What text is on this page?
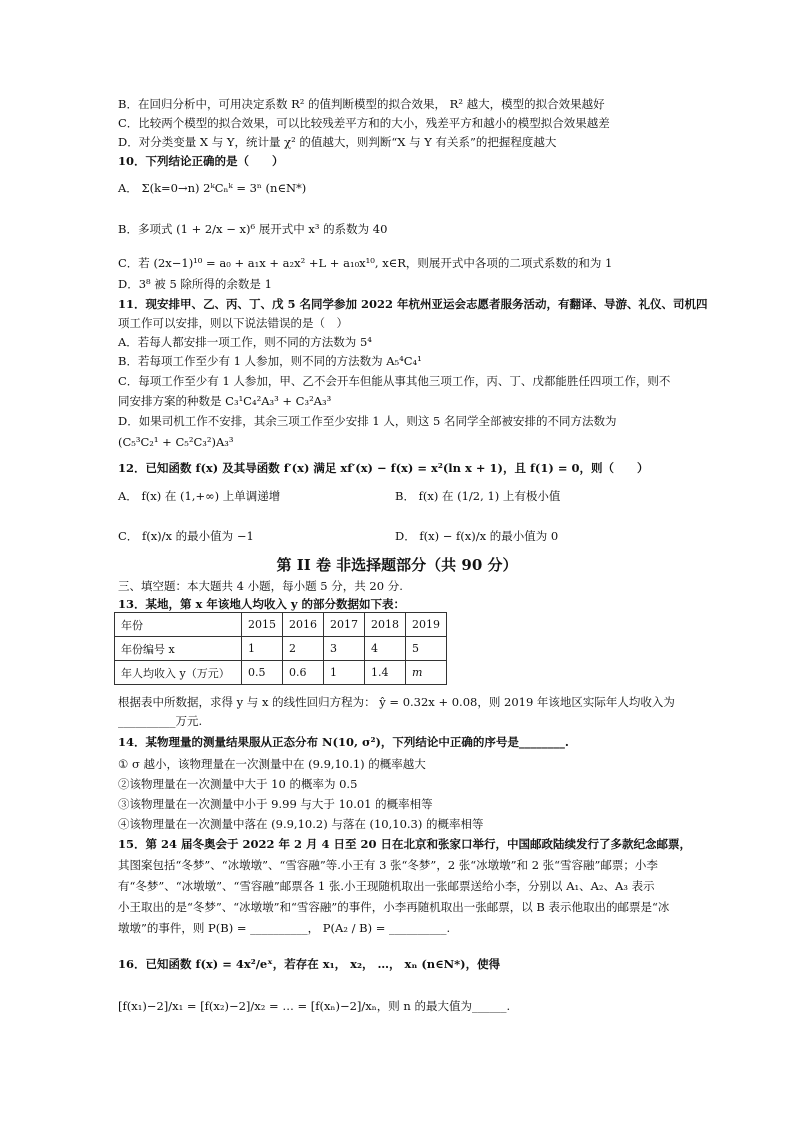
B．在回归分析中，可用决定系数 R² 的值判断模型的拟合效果， R² 越大，模型的拟合效果越好
C．比较两个模型的拟合效果，可以比较残差平方和的大小，残差平方和越小的模型拟合效果越差
D．对分类变量 X 与 Y，统计量 χ² 的值越大，则判断“X 与 Y 有关系”的把握程度越大
10．下列结论正确的是（　　）
A． Σ(k=0→n) 2ᵏCₙᵏ = 3ⁿ (n∈N*)
B．多项式 (1 + 2/x − x)⁶ 展开式中 x³ 的系数为 40
C．若 (2x−1)¹⁰ = a₀ + a₁x + a₂x² +L + a₁₀x¹⁰, x∈R，则展开式中各项的二项式系数的和为 1
D．3⁸ 被 5 除所得的余数是 1
11．现安排甲、乙、丙、丁、戊 5 名同学参加 2022 年杭州亚运会志愿者服务活动，有翻译、导游、礼仪、司机四
项工作可以安排，则以下说法错误的是（　）
A．若每人都安排一项工作，则不同的方法数为 5⁴
B．若每项工作至少有 1 人参加，则不同的方法数为 A₅⁴C₄¹
C．每项工作至少有 1 人参加，甲、乙不会开车但能从事其他三项工作，丙、丁、戊都能胜任四项工作，则不
同安排方案的种数是 C₃¹C₄²A₃³ + C₃²A₃³
D．如果司机工作不安排，其余三项工作至少安排 1 人，则这 5 名同学全部被安排的不同方法数为
(C₅³C₂¹ + C₅²C₃²)A₃³
12．已知函数 f(x) 及其导函数 f′(x) 满足 xf′(x) − f(x) = x²(ln x + 1)，且 f(1) = 0，则（　　）
A． f(x) 在 (1,+∞) 上单调递增	B． f(x) 在 (1/2, 1) 上有极小值
C． f(x)/x 的最小值为 −1	D． f(x) − f(x)/x 的最小值为 0
第 II 卷 非选择题部分（共 90 分）
三、填空题：本大题共 4 小题，每小题 5 分，共 20 分.
13．某地，第 x 年该地人均收入 y 的部分数据如下表：
年份	2015	2016	2017	2018	2019
年份编号 x	1	2	3	4	5
年人均收入 y（万元）	0.5	0.6	1	1.4	m
根据表中所数据，求得 y 与 x 的线性回归方程为： ŷ = 0.32x + 0.08，则 2019 年该地区实际年人均收入为
__________万元.
14．某物理量的测量结果服从正态分布 N(10, σ²)，下列结论中正确的序号是________.
① σ 越小，该物理量在一次测量中在 (9.9,10.1) 的概率越大
②该物理量在一次测量中大于 10 的概率为 0.5
③该物理量在一次测量中小于 9.99 与大于 10.01 的概率相等
④该物理量在一次测量中落在 (9.9,10.2) 与落在 (10,10.3) 的概率相等
15．第 24 届冬奥会于 2022 年 2 月 4 日至 20 日在北京和张家口举行，中国邮政陆续发行了多款纪念邮票，
其图案包括“冬梦”、“冰墩墩”、“雪容融”等.小王有 3 张“冬梦”，2 张“冰墩墩”和 2 张“雪容融”邮票；小李
有“冬梦”、“冰墩墩”、“雪容融”邮票各 1 张.小王现随机取出一张邮票送给小李，分别以 A₁、A₂、A₃ 表示
小王取出的是“冬梦”、“冰墩墩”和“雪容融”的事件，小李再随机取出一张邮票，以 B 表示他取出的邮票是“冰
墩墩”的事件，则 P(B) = __________， P(A₂ / B) = __________.
16．已知函数 f(x) = 4x²/eˣ，若存在 x₁， x₂， …， xₙ (n∈N*)，使得
[f(x₁)−2]/x₁ = [f(x₂)−2]/x₂ = … = [f(xₙ)−2]/xₙ，则 n 的最大值为______.
